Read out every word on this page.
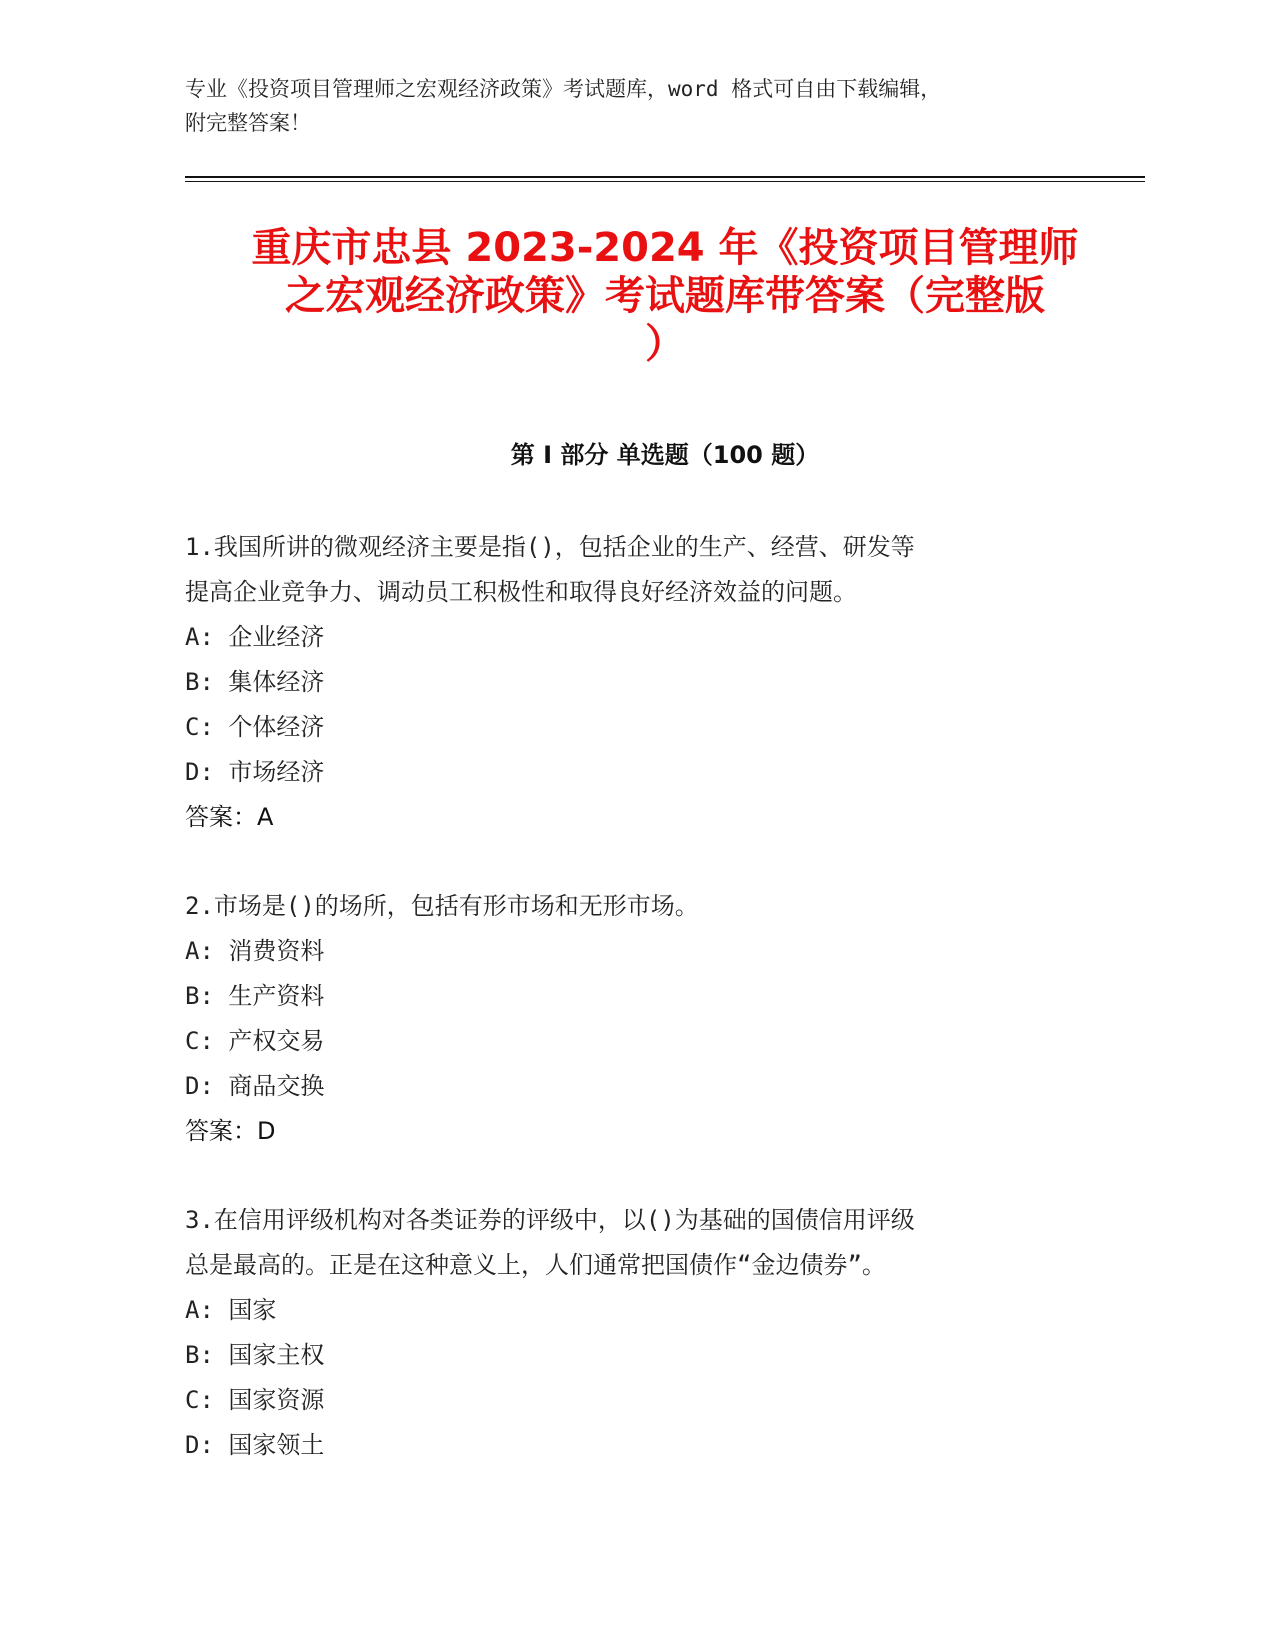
专业《投资项目管理师之宏观经济政策》考试题库，word 格式可自由下载编辑，
附完整答案！
重庆市忠县 2023-2024 年《投资项目管理师
之宏观经济政策》考试题库带答案（完整版
）
第 I 部分 单选题（100 题）

1.我国所讲的微观经济主要是指()，包括企业的生产、经营、研发等

提高企业竞争力、调动员工积极性和取得良好经济效益的问题。

A: 企业经济

B: 集体经济

C: 个体经济

D: 市场经济

答案：A

2.市场是()的场所，包括有形市场和无形市场。

A: 消费资料

B: 生产资料

C: 产权交易

D: 商品交换

答案：D

3.在信用评级机构对各类证券的评级中，以()为基础的国债信用评级

总是最高的。正是在这种意义上，人们通常把国债作“金边债券”。

A: 国家

B: 国家主权

C: 国家资源

D: 国家领土
